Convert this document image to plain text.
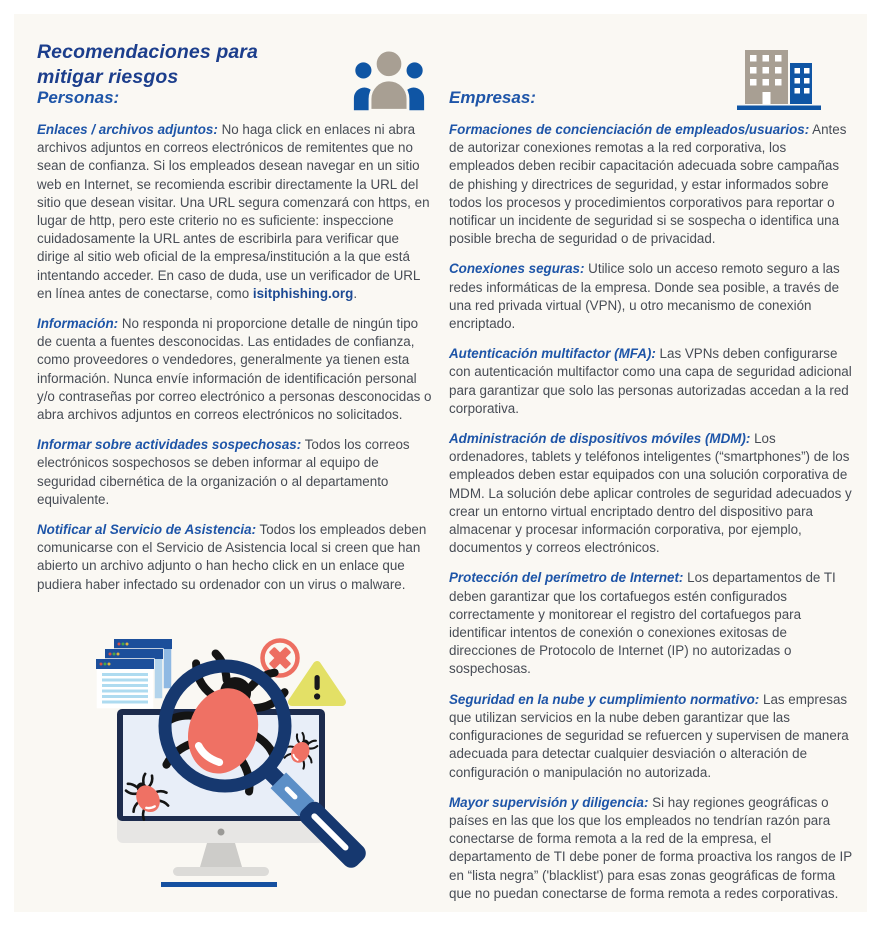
Recomendaciones para
mitigar riesgos
Personas:

Enlaces / archivos adjuntos: No haga click en enlaces ni abra archivos adjuntos en correos electrónicos de remitentes que no sean de confianza. Si los empleados desean navegar en un sitio web en Internet, se recomienda escribir directamente la URL del sitio que desean visitar. Una URL segura comenzará con https, en lugar de http, pero este criterio no es suficiente: inspeccione cuidadosamente la URL antes de escribirla para verificar que dirige al sitio web oficial de la empresa/institución a la que está intentando acceder. En caso de duda, use un verificador de URL en línea antes de conectarse, como isitphishing.org.

Información: No responda ni proporcione detalle de ningún tipo de cuenta a fuentes desconocidas. Las entidades de confianza, como proveedores o vendedores, generalmente ya tienen esta información. Nunca envíe información de identificación personal y/o contraseñas por correo electrónico a personas desconocidas o abra archivos adjuntos en correos electrónicos no solicitados.

Informar sobre actividades sospechosas: Todos los correos electrónicos sospechosos se deben informar al equipo de seguridad cibernética de la organización o al departamento equivalente.

Notificar al Servicio de Asistencia: Todos los empleados deben comunicarse con el Servicio de Asistencia local si creen que han abierto un archivo adjunto o han hecho click en un enlace que pudiera haber infectado su ordenador con un virus o malware.

Empresas:

Formaciones de concienciación de empleados/usuarios: Antes de autorizar conexiones remotas a la red corporativa, los empleados deben recibir capacitación adecuada sobre campañas de phishing y directrices de seguridad, y estar informados sobre todos los procesos y procedimientos corporativos para reportar o notificar un incidente de seguridad si se sospecha o identifica una posible brecha de seguridad o de privacidad.

Conexiones seguras: Utilice solo un acceso remoto seguro a las redes informáticas de la empresa. Donde sea posible, a través de una red privada virtual (VPN), u otro mecanismo de conexión encriptado.

Autenticación multifactor (MFA): Las VPNs deben configurarse con autenticación multifactor como una capa de seguridad adicional para garantizar que solo las personas autorizadas accedan a la red corporativa.

Administración de dispositivos móviles (MDM): Los ordenadores, tablets y teléfonos inteligentes (“smartphones”) de los empleados deben estar equipados con una solución corporativa de MDM. La solución debe aplicar controles de seguridad adecuados y crear un entorno virtual encriptado dentro del dispositivo para almacenar y procesar información corporativa, por ejemplo, documentos y correos electrónicos.

Protección del perímetro de Internet: Los departamentos de TI deben garantizar que los cortafuegos estén configurados correctamente y monitorear el registro del cortafuegos para identificar intentos de conexión o conexiones exitosas de direcciones de Protocolo de Internet (IP) no autorizadas o sospechosas.

Seguridad en la nube y cumplimiento normativo: Las empresas que utilizan servicios en la nube deben garantizar que las configuraciones de seguridad se refuercen y supervisen de manera adecuada para detectar cualquier desviación o alteración de configuración o manipulación no autorizada.

Mayor supervisión y diligencia: Si hay regiones geográficas o países en las que los que los empleados no tendrían razón para conectarse de forma remota a la red de la empresa, el departamento de TI debe poner de forma proactiva los rangos de IP en “lista negra” ('blacklist') para esas zonas geográficas de forma que no puedan conectarse de forma remota a redes corporativas.
